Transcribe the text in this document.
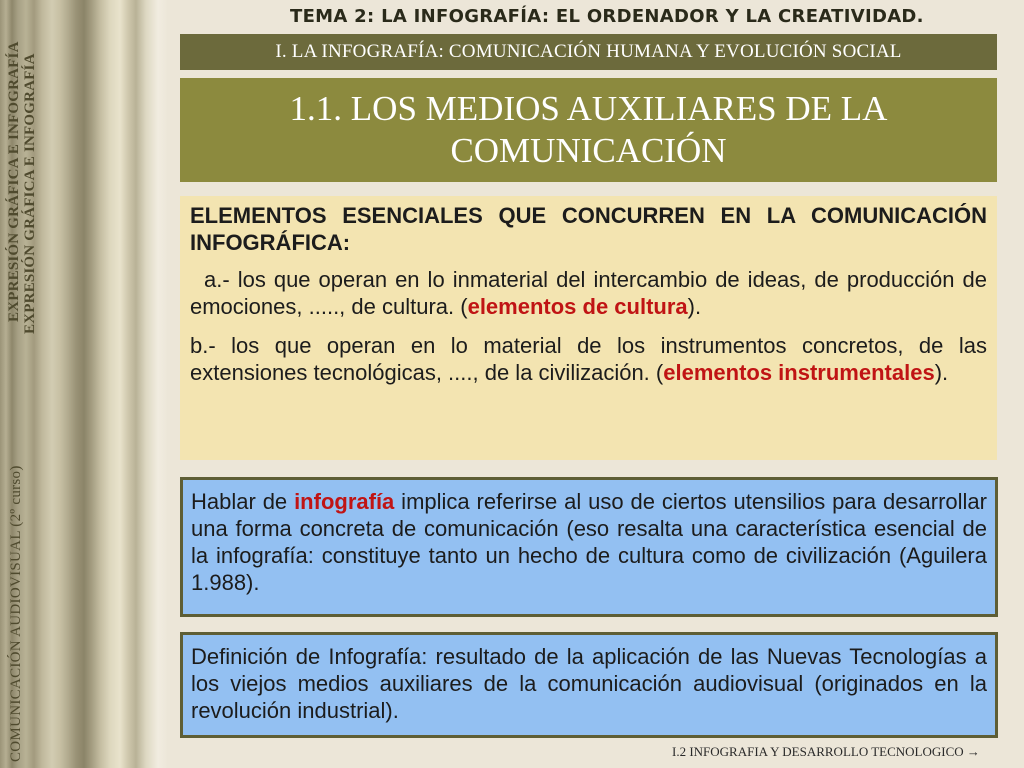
EXPRESIÓN GRÁFICA E INFOGRAFÍA EXPRESIÓN GRÁFICA E INFOGRAFÍA
COMUNICACIÓN AUDIOVISUAL (2º curso)
TEMA 2: LA INFOGRAFÍA: EL ORDENADOR Y LA CREATIVIDAD.
I. LA INFOGRAFÍA: COMUNICACIÓN HUMANA Y EVOLUCIÓN SOCIAL
1.1. LOS MEDIOS AUXILIARES DE LA COMUNICACIÓN

ELEMENTOS ESENCIALES QUE CONCURREN EN LA COMUNICACIÓN INFOGRÁFICA:

a.- los que operan en lo inmaterial del intercambio de ideas, de producción de emociones, ....., de cultura. (elementos de cultura).

b.- los que operan en lo material de los instrumentos concretos, de las extensiones tecnológicas, ...., de la civilización. (elementos instrumentales).

Hablar de infografía implica referirse al uso de ciertos utensilios para desarrollar una forma concreta de comunicación (eso resalta una característica esencial de la infografía: constituye tanto un hecho de cultura como de civilización (Aguilera 1.988).

Definición de Infografía: resultado de la aplicación de las Nuevas Tecnologías a los viejos medios auxiliares de la comunicación audiovisual (originados en la revolución industrial).

I.2 INFOGRAFIA Y DESARROLLO TECNOLOGICO →
